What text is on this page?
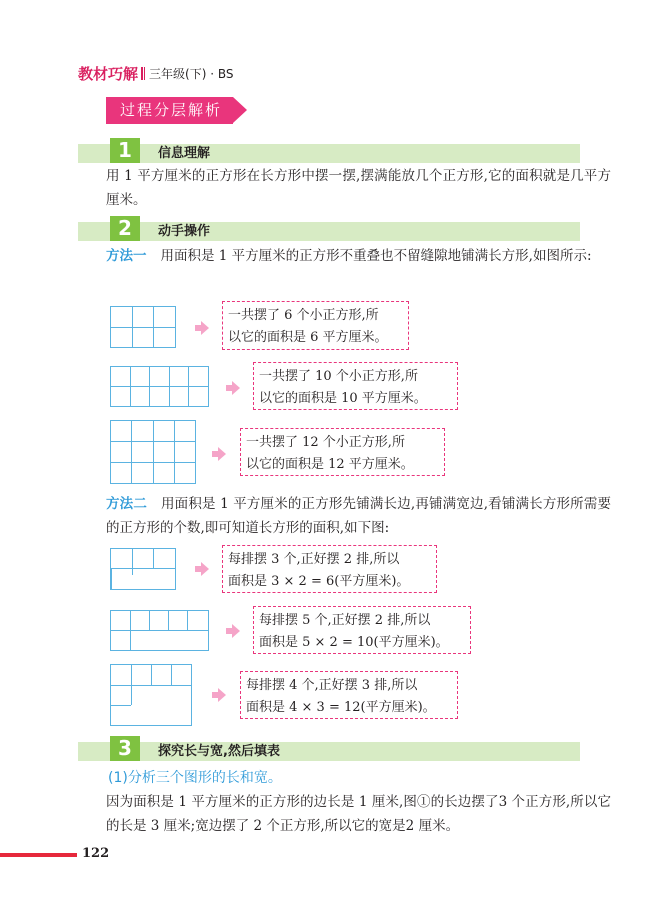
教材巧解 三年级(下) · BS
过程分层解析
1	信息理解
用 1 平方厘米的正方形在长方形中摆一摆,摆满能放几个正方形,它的面积就是几平方厘米。
2	动手操作
方法一 用面积是 1 平方厘米的正方形不重叠也不留缝隙地铺满长方形,如图所示:
一共摆了 6 个小正方形,所
以它的面积是 6 平方厘米。
一共摆了 10 个小正方形,所
以它的面积是 10 平方厘米。
一共摆了 12 个小正方形,所
以它的面积是 12 平方厘米。
方法二 用面积是 1 平方厘米的正方形先铺满长边,再铺满宽边,看铺满长方形所需要的正方形的个数,即可知道长方形的面积,如下图:
每排摆 3 个,正好摆 2 排,所以
面积是 3 × 2 = 6(平方厘米)。
每排摆 5 个,正好摆 2 排,所以
面积是 5 × 2 = 10(平方厘米)。
每排摆 4 个,正好摆 3 排,所以
面积是 4 × 3 = 12(平方厘米)。
3	探究长与宽,然后填表
(1)分析三个图形的长和宽。
因为面积是 1 平方厘米的正方形的边长是 1 厘米,图①的长边摆了3 个正方形,所以它的长是 3 厘米;宽边摆了 2 个正方形,所以它的宽是2 厘米。
122
